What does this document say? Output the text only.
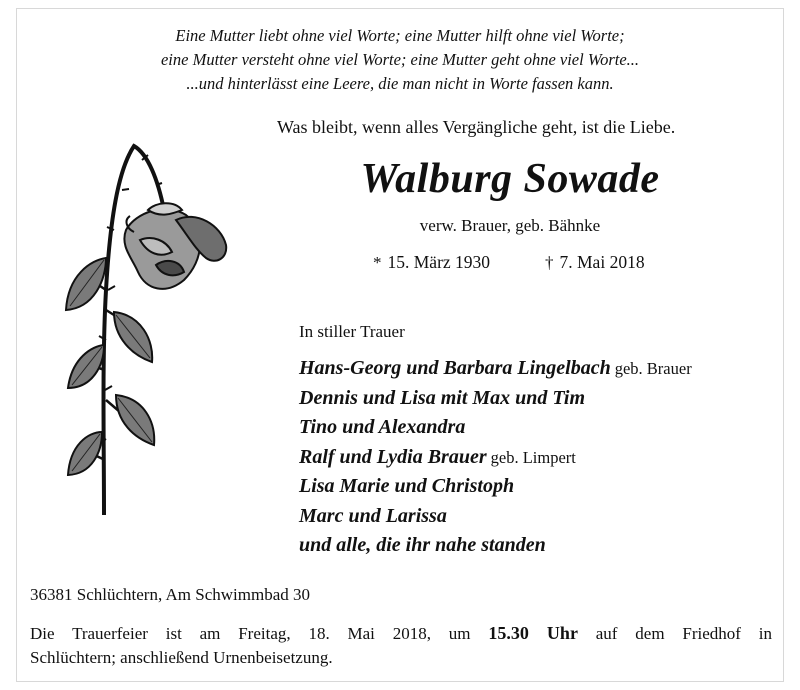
Eine Mutter liebt ohne viel Worte; eine Mutter hilft ohne viel Worte;
eine Mutter versteht ohne viel Worte; eine Mutter geht ohne viel Worte...
...und hinterlässt eine Leere, die man nicht in Worte fassen kann.
Was bleibt, wenn alles Vergängliche geht, ist die Liebe.
Walburg Sowade
verw. Brauer, geb. Bähnke
* 15. März 1930	† 7. Mai 2018
In stiller Trauer
Hans-Georg und Barbara Lingelbach geb. Brauer
Dennis und Lisa mit Max und Tim
Tino und Alexandra
Ralf und Lydia Brauer geb. Limpert
Lisa Marie und Christoph
Marc und Larissa
und alle, die ihr nahe standen
36381 Schlüchtern, Am Schwimmbad 30
Die Trauerfeier ist am Freitag, 18. Mai 2018, um 15.30 Uhr auf dem Friedhof in
Schlüchtern; anschließend Urnenbeisetzung.
